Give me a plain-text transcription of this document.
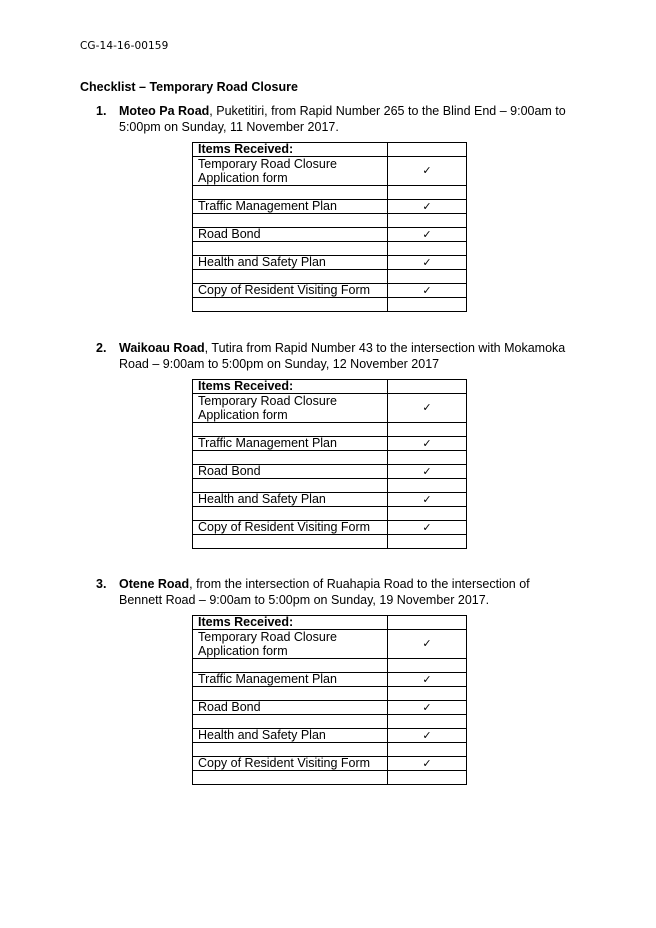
CG-14-16-00159
Checklist – Temporary Road Closure
1. Moteo Pa Road, Puketitiri, from Rapid Number 265 to the Blind End – 9:00am to 5:00pm on Sunday, 11 November 2017.
Items Received:	
Temporary Road Closure Application form	✓

Traffic Management Plan	✓

Road Bond	✓

Health and Safety Plan	✓

Copy of Resident Visiting Form	✓

2. Waikoau Road, Tutira from Rapid Number 43 to the intersection with Mokamoka Road – 9:00am to 5:00pm on Sunday, 12 November 2017
Items Received:	
Temporary Road Closure Application form	✓

Traffic Management Plan	✓

Road Bond	✓

Health and Safety Plan	✓

Copy of Resident Visiting Form	✓

3. Otene Road, from the intersection of Ruahapia Road to the intersection of Bennett Road – 9:00am to 5:00pm on Sunday, 19 November 2017.
Items Received:	
Temporary Road Closure Application form	✓

Traffic Management Plan	✓

Road Bond	✓

Health and Safety Plan	✓

Copy of Resident Visiting Form	✓
